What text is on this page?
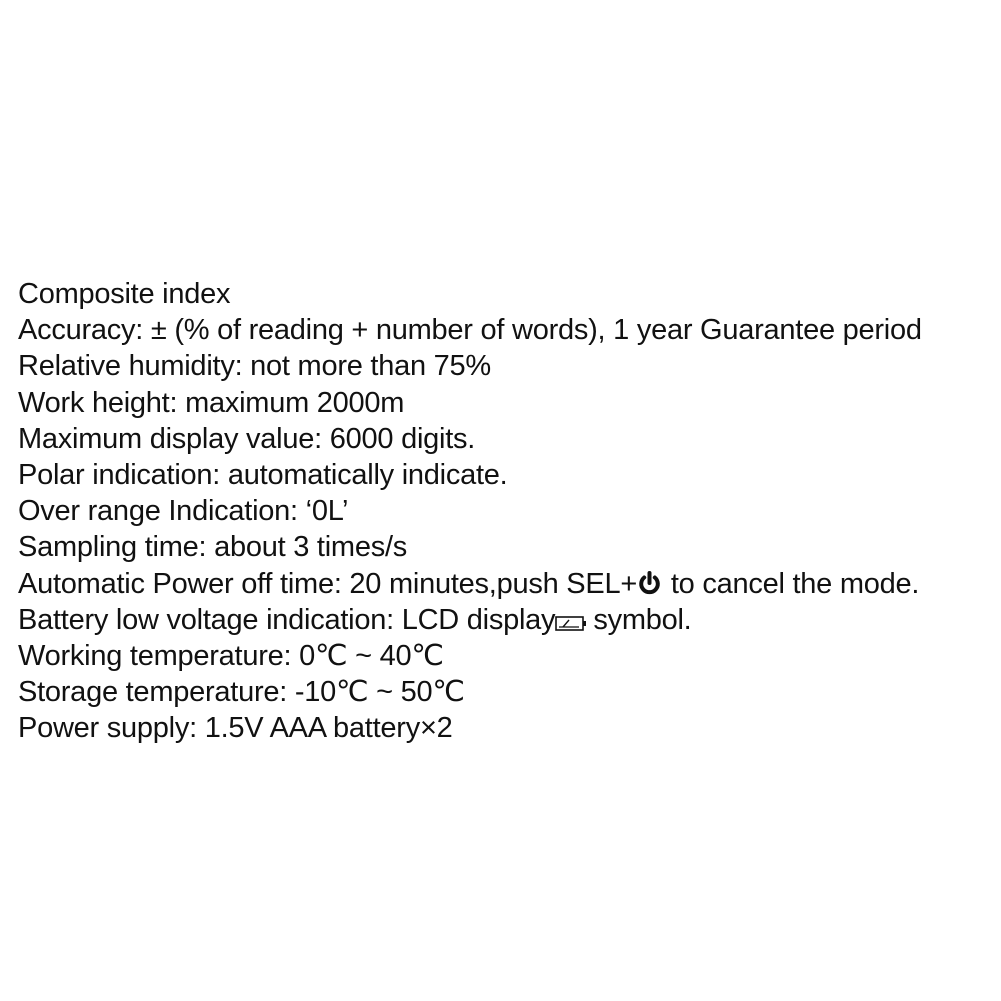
Composite index
Accuracy: ± (% of reading + number of words), 1 year Guarantee period
Relative humidity: not more than 75%
Work height: maximum 2000m
Maximum display value: 6000 digits.
Polar indication: automatically indicate.
Over range Indication: ‘0L’
Sampling time: about 3 times/s
Automatic Power off time: 20 minutes,push SEL+ to cancel the mode.
Battery low voltage indication: LCD display symbol.
Working temperature: 0℃ ~ 40℃
Storage temperature: -10℃ ~ 50℃
Power supply: 1.5V AAA battery×2
